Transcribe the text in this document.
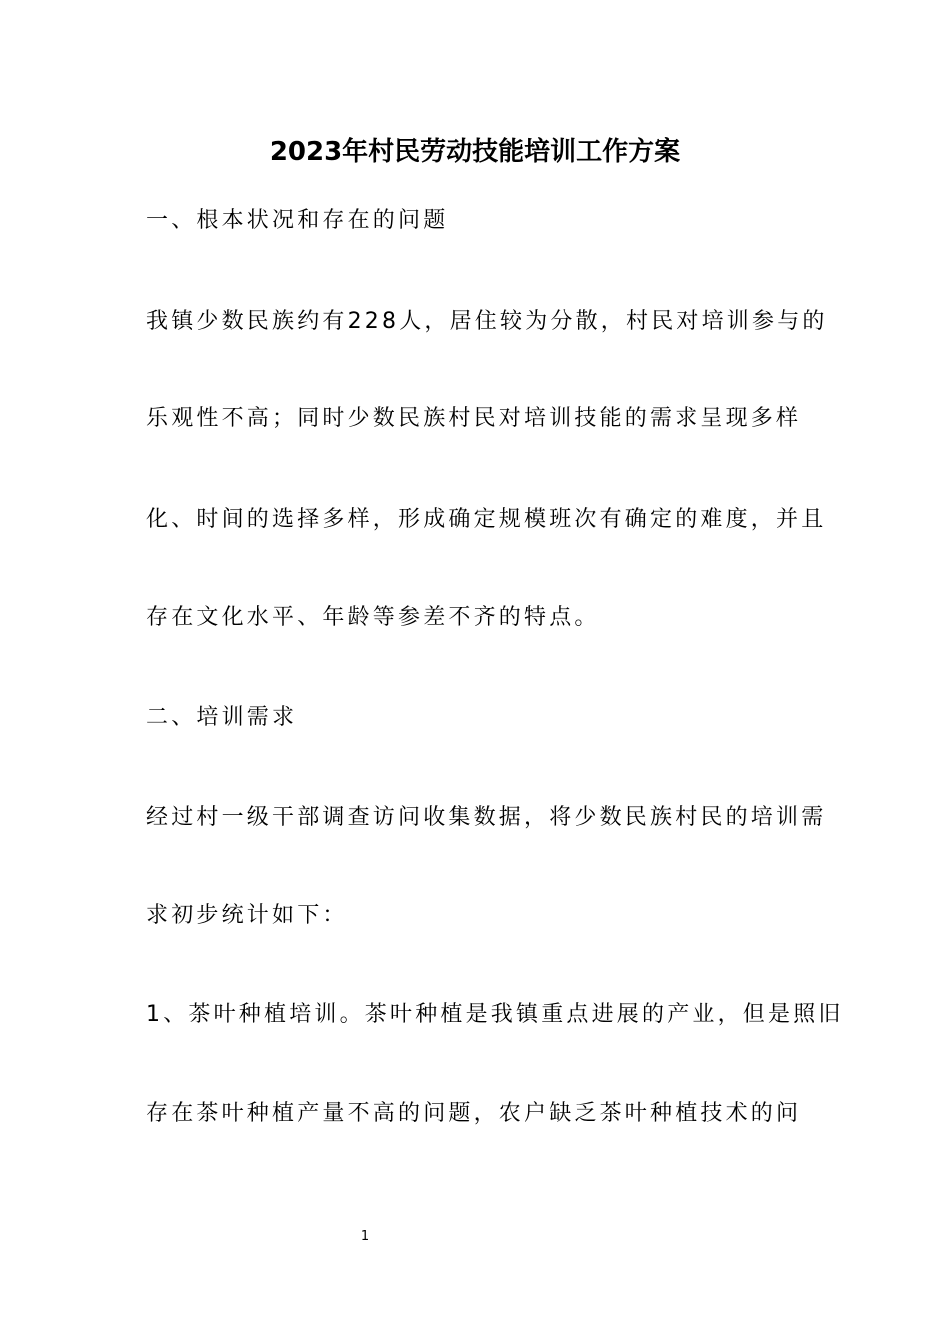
2023年村民劳动技能培训工作方案
一、根本状况和存在的问题
我镇少数民族约有228人，居住较为分散，村民对培训参与的
乐观性不高；同时少数民族村民对培训技能的需求呈现多样
化、时间的选择多样，形成确定规模班次有确定的难度，并且
存在文化水平、年龄等参差不齐的特点。
二、培训需求
经过村一级干部调查访问收集数据，将少数民族村民的培训需
求初步统计如下：
1、茶叶种植培训。茶叶种植是我镇重点进展的产业，但是照旧
存在茶叶种植产量不高的问题，农户缺乏茶叶种植技术的问
1
